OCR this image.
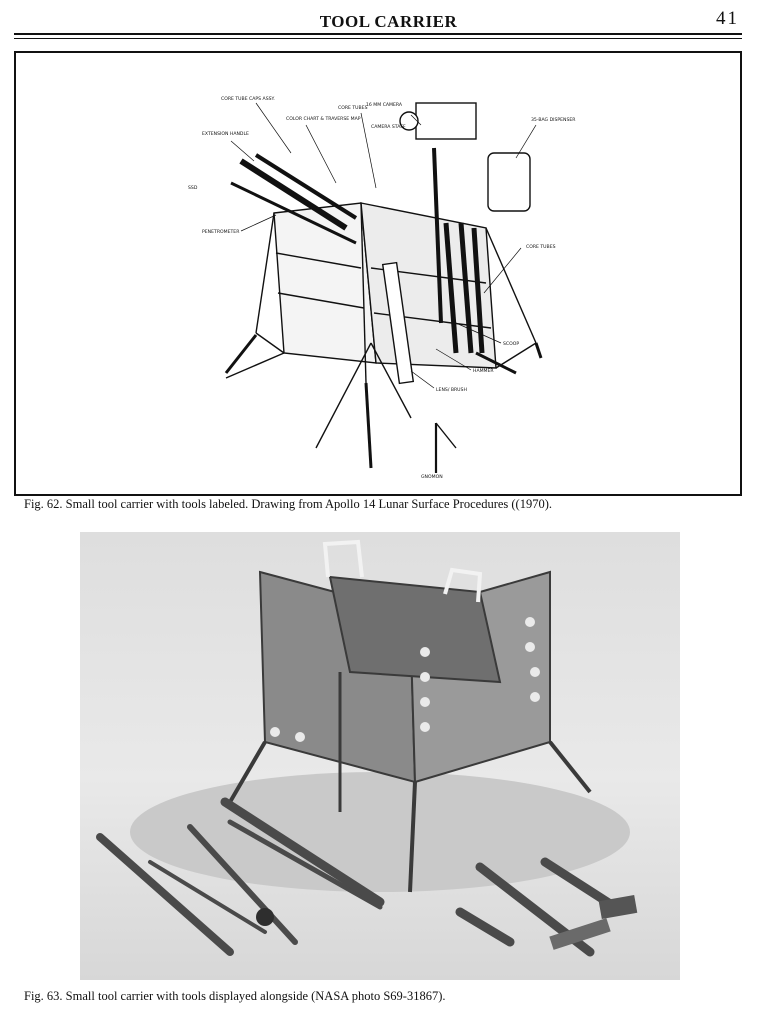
TOOL CARRIER	41
CORE TUBE CAPS ASSY.
COLOR CHART & TRAVERSE MAP
CORE TUBES
16 MM CAMERA
CAMERA STAFF
35-BAG DISPENSER
EXTENSION HANDLE
SSD
PENETROMETER
CORE TUBES
SCOOP
HAMMER
LENS/ BRUSH
GNOMON
Fig. 62. Small tool carrier with tools labeled. Drawing from Apollo 14 Lunar Surface Procedures ((1970).
Fig. 63. Small tool carrier with tools displayed alongside (NASA photo S69-31867).
